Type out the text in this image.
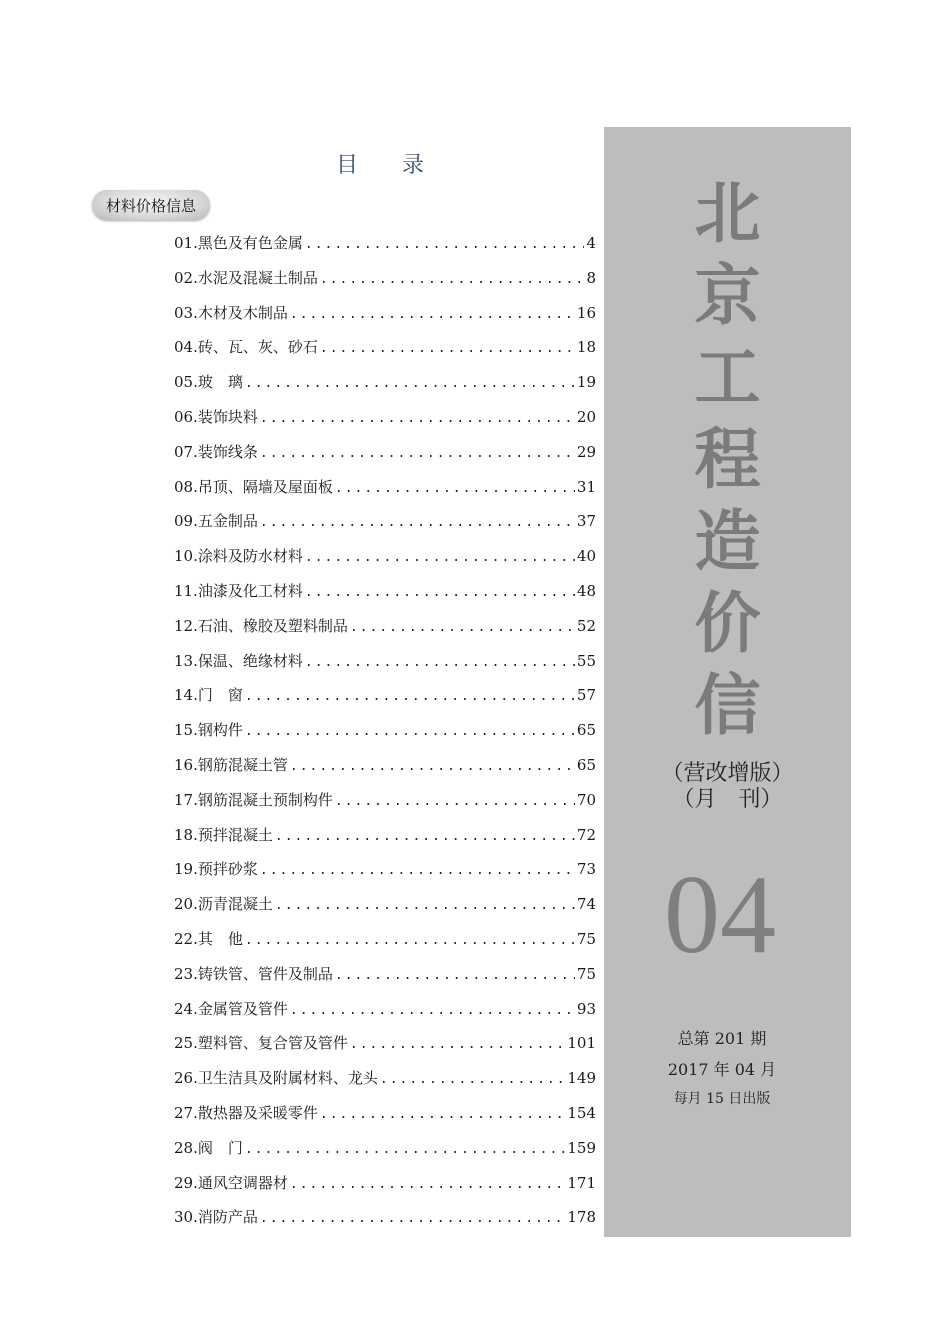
目　　录
材料价格信息
01.黑色及有色金属 .....	4
02.水泥及混凝土制品 .....	8
03.木材及木制品 .....	16
04.砖、瓦、灰、砂石 .....	18
05.玻　璃 .....	19
06.装饰块料 .....	20
07.装饰线条 .....	29
08.吊顶、隔墙及屋面板 .....	31
09.五金制品 .....	37
10.涂料及防水材料 .....	40
11.油漆及化工材料 .....	48
12.石油、橡胶及塑料制品 .....	52
13.保温、绝缘材料 .....	55
14.门　窗 .....	57
15.钢构件 .....	65
16.钢筋混凝土管 .....	65
17.钢筋混凝土预制构件 .....	70
18.预拌混凝土 .....	72
19.预拌砂浆 .....	73
20.沥青混凝土 .....	74
22.其　他 .....	75
23.铸铁管、管件及制品 .....	75
24.金属管及管件 .....	93
25.塑料管、复合管及管件 .....	101
26.卫生洁具及附属材料、龙头 .....	149
27.散热器及采暖零件 .....	154
28.阀　门 .....	159
29.通风空调器材 .....	171
30.消防产品 .....	178
北
京
工
程
造
价
信
（营改增版）
（月　刊）
04
总第 201 期
2017 年 04 月
每月 15 日出版
